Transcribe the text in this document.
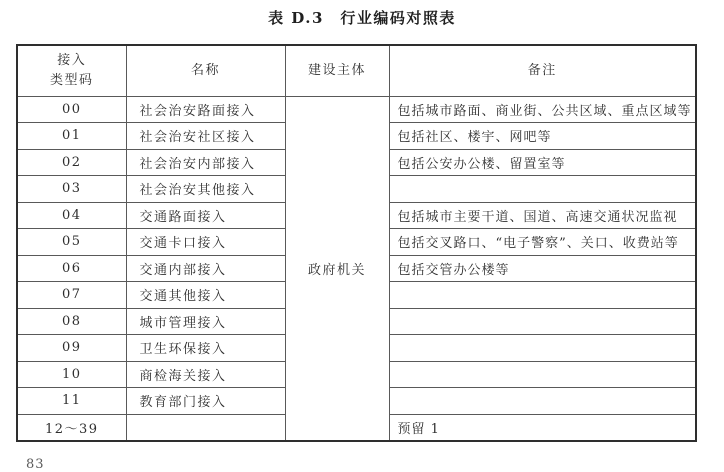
表 D.3　行业编码对照表
接入
类型码	名称	建设主体	备注
00	社会治安路面接入	政府机关	包括城市路面、商业街、公共区域、重点区域等
01	社会治安社区接入		包括社区、楼宇、网吧等
02	社会治安内部接入		包括公安办公楼、留置室等
03	社会治安其他接入		
04	交通路面接入		包括城市主要干道、国道、高速交通状况监视
05	交通卡口接入		包括交叉路口、“电子警察”、关口、收费站等
06	交通内部接入		包括交管办公楼等
07	交通其他接入		
08	城市管理接入		
09	卫生环保接入		
10	商检海关接入		
11	教育部门接入		
12～39			预留 1
83
